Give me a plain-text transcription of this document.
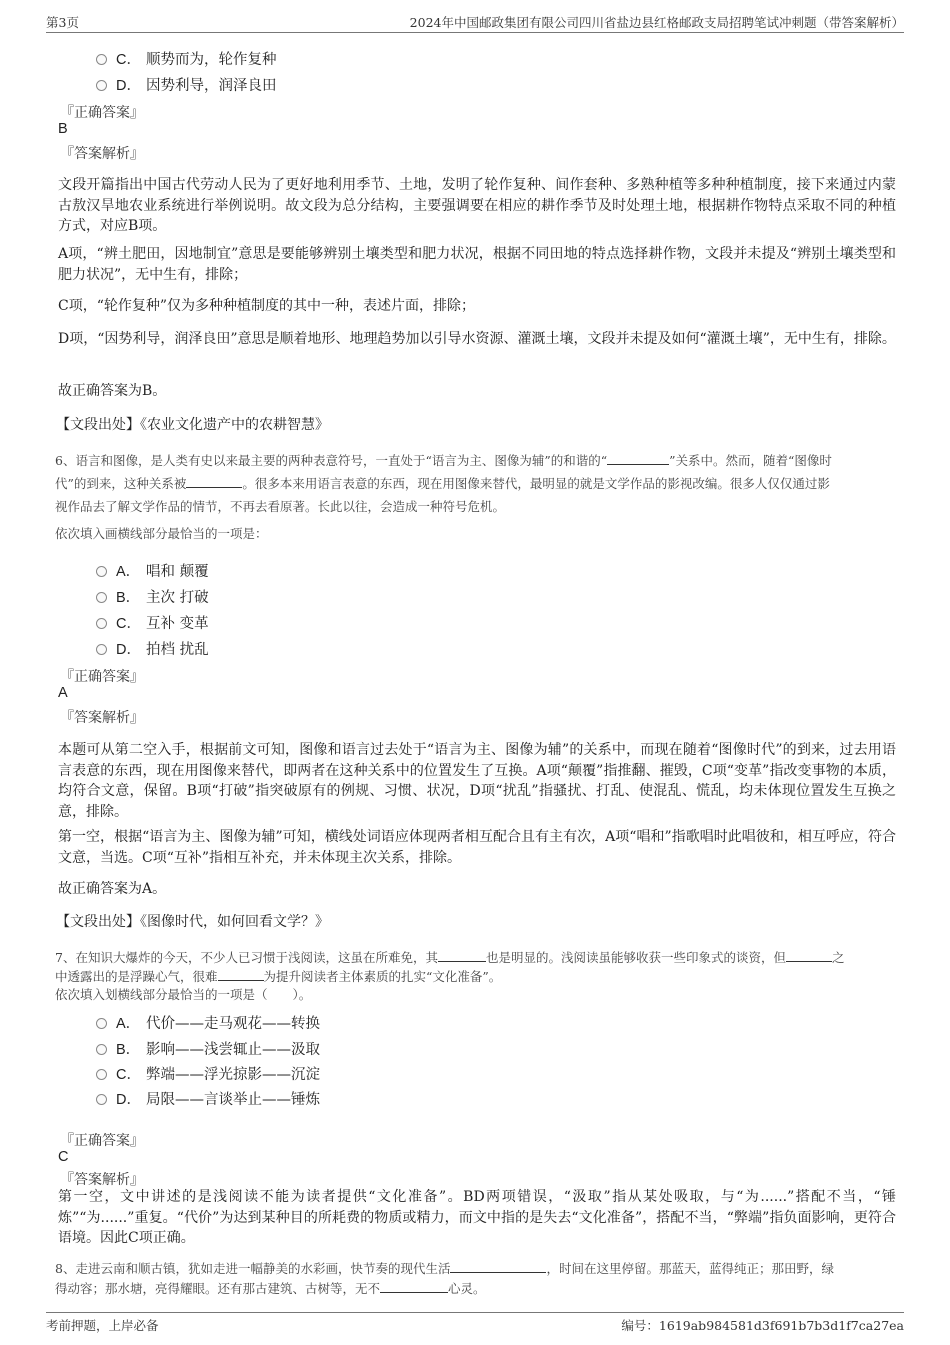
第3页	2024年中国邮政集团有限公司四川省盐边县红格邮政支局招聘笔试冲刺题（带答案解析）
C． 顺势而为，轮作复种
D． 因势利导，润泽良田
『正确答案』
B
『答案解析』
文段开篇指出中国古代劳动人民为了更好地利用季节、土地，发明了轮作复种、间作套种、多熟种植等多种种植制度，接下来通过内蒙古敖汉旱地农业系统进行举例说明。故文段为总分结构，主要强调要在相应的耕作季节及时处理土地，根据耕作物特点采取不同的种植方式，对应B项。
A项，“辨土肥田，因地制宜”意思是要能够辨别土壤类型和肥力状况，根据不同田地的特点选择耕作物，文段并未提及“辨别土壤类型和肥力状况”，无中生有，排除；
C项，“轮作复种”仅为多种种植制度的其中一种，表述片面，排除；
D项，“因势利导，润泽良田”意思是顺着地形、地理趋势加以引导水资源、灌溉土壤，文段并未提及如何“灌溉土壤”，无中生有，排除。
故正确答案为B。
【文段出处】《农业文化遗产中的农耕智慧》
6、语言和图像，是人类有史以来最主要的两种表意符号，一直处于“语言为主、图像为辅”的和谐的“	”关系中。然而，随着“图像时
代”的到来，这种关系被	。很多本来用语言表意的东西，现在用图像来替代，最明显的就是文学作品的影视改编。很多人仅仅通过影
视作品去了解文学作品的情节，不再去看原著。长此以往，会造成一种符号危机。
依次填入画横线部分最恰当的一项是：
A． 唱和 颠覆
B． 主次 打破
C． 互补 变革
D． 拍档 扰乱
『正确答案』
A
『答案解析』
本题可从第二空入手，根据前文可知，图像和语言过去处于“语言为主、图像为辅”的关系中，而现在随着“图像时代”的到来，过去用语言表意的东西，现在用图像来替代，即两者在这种关系中的位置发生了互换。A项“颠覆”指推翻、摧毁，C项“变革”指改变事物的本质，均符合文意，保留。B项“打破”指突破原有的例规、习惯、状况，D项“扰乱”指骚扰、打乱、使混乱、慌乱，均未体现位置发生互换之意，排除。
第一空，根据“语言为主、图像为辅”可知，横线处词语应体现两者相互配合且有主有次，A项“唱和”指歌唱时此唱彼和，相互呼应，符合文意，当选。C项“互补”指相互补充，并未体现主次关系，排除。
故正确答案为A。
【文段出处】《图像时代，如何回看文学？》
7、在知识大爆炸的今天，不少人已习惯于浅阅读，这虽在所难免，其	也是明显的。浅阅读虽能够收获一些印象式的谈资，但	之
中透露出的是浮躁心气，很难	为提升阅读者主体素质的扎实“文化准备”。
依次填入划横线部分最恰当的一项是（　　）。
A． 代价——走马观花——转换
B． 影响——浅尝辄止——汲取
C． 弊端——浮光掠影——沉淀
D． 局限——言谈举止——锤炼
『正确答案』
C
『答案解析』
第一空，文中讲述的是浅阅读不能为读者提供“文化准备”。BD两项错误，“汲取”指从某处吸取，与“为......”搭配不当，“锤炼”“为......”重复。“代价”为达到某种目的所耗费的物质或精力，而文中指的是失去“文化准备”，搭配不当，“弊端”指负面影响，更符合语境。因此C项正确。
8、走进云南和顺古镇，犹如走进一幅静美的水彩画，快节奏的现代生活	，时间在这里停留。那蓝天，蓝得纯正；那田野，绿
得动容；那水塘，亮得耀眼。还有那古建筑、古树等，无不	心灵。
考前押题，上岸必备	编号：1619ab984581d3f691b7b3d1f7ca27ea
